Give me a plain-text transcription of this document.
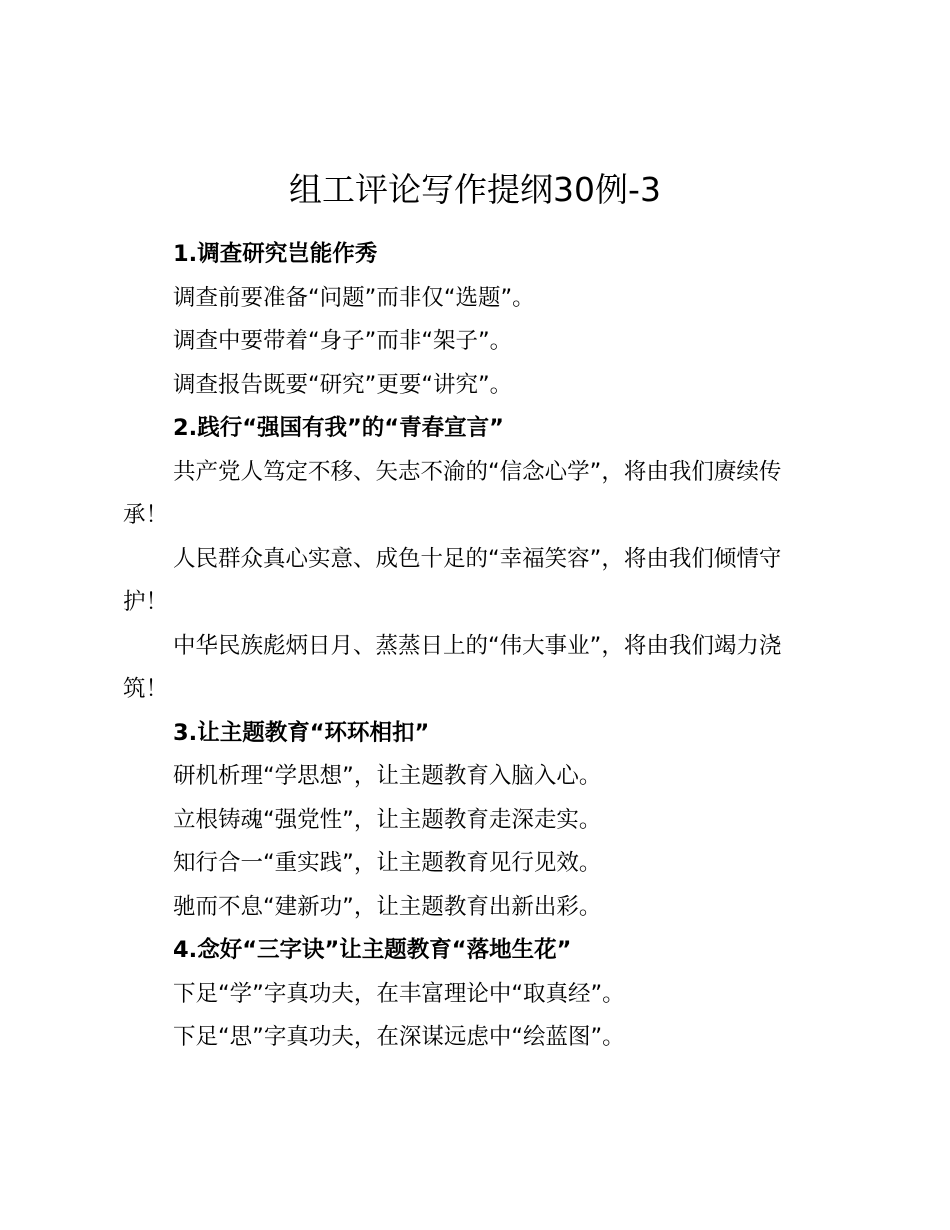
组工评论写作提纲30例-3

1.调查研究岂能作秀

调查前要准备“问题”而非仅“选题”。

调查中要带着“身子”而非“架子”。

调查报告既要“研究”更要“讲究”。

2.践行“强国有我”的“青春宣言”

共产党人笃定不移、矢志不渝的“信念心学”，将由我们赓续传承！

人民群众真心实意、成色十足的“幸福笑容”，将由我们倾情守护！

中华民族彪炳日月、蒸蒸日上的“伟大事业”，将由我们竭力浇筑！

3.让主题教育“环环相扣”

研机析理“学思想”，让主题教育入脑入心。

立根铸魂“强党性”，让主题教育走深走实。

知行合一“重实践”，让主题教育见行见效。

驰而不息“建新功”，让主题教育出新出彩。

4.念好“三字诀”让主题教育“落地生花”

下足“学”字真功夫，在丰富理论中“取真经”。

下足“思”字真功夫，在深谋远虑中“绘蓝图”。
